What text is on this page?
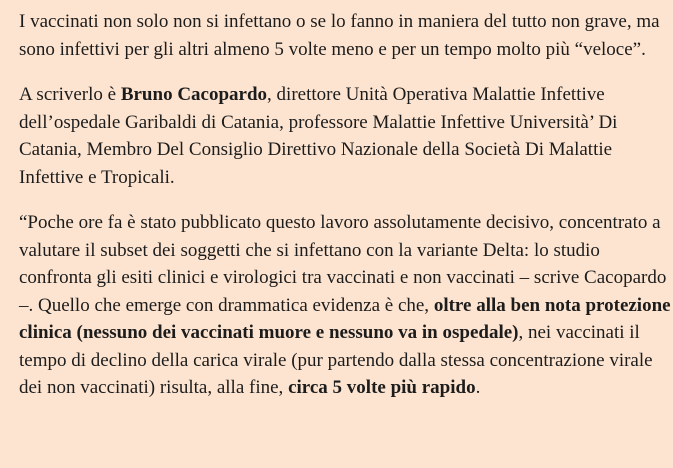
I vaccinati non solo non si infettano o se lo fanno in maniera del tutto non grave, ma sono infettivi per gli altri almeno 5 volte meno e per un tempo molto più “veloce”.

A scriverlo è Bruno Cacopardo, direttore Unità Operativa Malattie Infettive dell’ospedale Garibaldi di Catania, professore Malattie Infettive Università’ Di Catania, Membro Del Consiglio Direttivo Nazionale della Società Di Malattie Infettive e Tropicali.

“Poche ore fa è stato pubblicato questo lavoro assolutamente decisivo, concentrato a valutare il subset dei soggetti che si infettano con la variante Delta: lo studio confronta gli esiti clinici e virologici tra vaccinati e non vaccinati – scrive Cacopardo –. Quello che emerge con drammatica evidenza è che, oltre alla ben nota protezione clinica (nessuno dei vaccinati muore e nessuno va in ospedale), nei vaccinati il tempo di declino della carica virale (pur partendo dalla stessa concentrazione virale dei non vaccinati) risulta, alla fine, circa 5 volte più rapido.
